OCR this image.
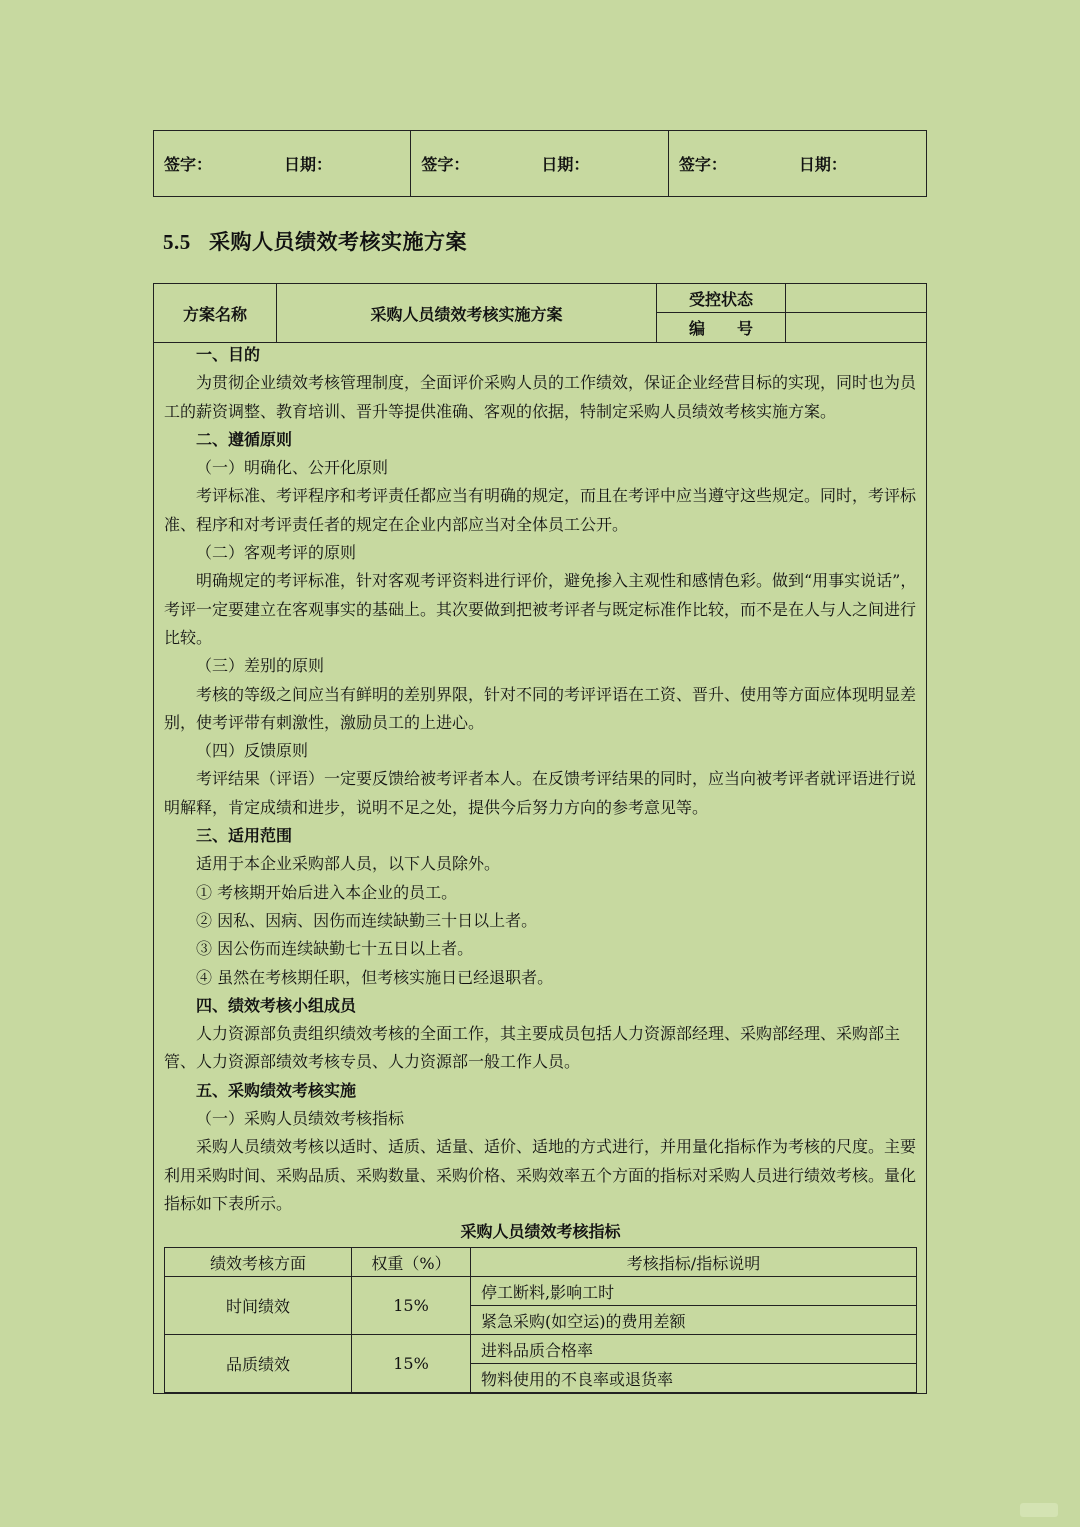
签字：	日期：	签字：	日期：	签字：	日期：
5.5 采购人员绩效考核实施方案
方案名称	采购人员绩效考核实施方案	受控状态	
		编　　号	

一、目的

为贯彻企业绩效考核管理制度，全面评价采购人员的工作绩效，保证企业经营目标的实现，同时也为员工的薪资调整、教育培训、晋升等提供准确、客观的依据，特制定采购人员绩效考核实施方案。

二、遵循原则

（一）明确化、公开化原则

考评标准、考评程序和考评责任都应当有明确的规定，而且在考评中应当遵守这些规定。同时，考评标准、程序和对考评责任者的规定在企业内部应当对全体员工公开。

（二）客观考评的原则

明确规定的考评标准，针对客观考评资料进行评价，避免掺入主观性和感情色彩。做到“用事实说话”，考评一定要建立在客观事实的基础上。其次要做到把被考评者与既定标准作比较，而不是在人与人之间进行比较。

（三）差别的原则

考核的等级之间应当有鲜明的差别界限，针对不同的考评评语在工资、晋升、使用等方面应体现明显差别，使考评带有刺激性，激励员工的上进心。

（四）反馈原则

考评结果（评语）一定要反馈给被考评者本人。在反馈考评结果的同时，应当向被考评者就评语进行说明解释，肯定成绩和进步，说明不足之处，提供今后努力方向的参考意见等。

三、适用范围

适用于本企业采购部人员，以下人员除外。

① 考核期开始后进入本企业的员工。

② 因私、因病、因伤而连续缺勤三十日以上者。

③ 因公伤而连续缺勤七十五日以上者。

④ 虽然在考核期任职，但考核实施日已经退职者。

四、绩效考核小组成员

人力资源部负责组织绩效考核的全面工作，其主要成员包括人力资源部经理、采购部经理、采购部主管、人力资源部绩效考核专员、人力资源部一般工作人员。

五、采购绩效考核实施

（一）采购人员绩效考核指标

采购人员绩效考核以适时、适质、适量、适价、适地的方式进行，并用量化指标作为考核的尺度。主要利用采购时间、采购品质、采购数量、采购价格、采购效率五个方面的指标对采购人员进行绩效考核。量化指标如下表所示。

采购人员绩效考核指标

绩效考核方面	权重（%）	考核指标/指标说明
时间绩效	15%	停工断料,影响工时
		紧急采购(如空运)的费用差额
品质绩效	15%	进料品质合格率
		物料使用的不良率或退货率
